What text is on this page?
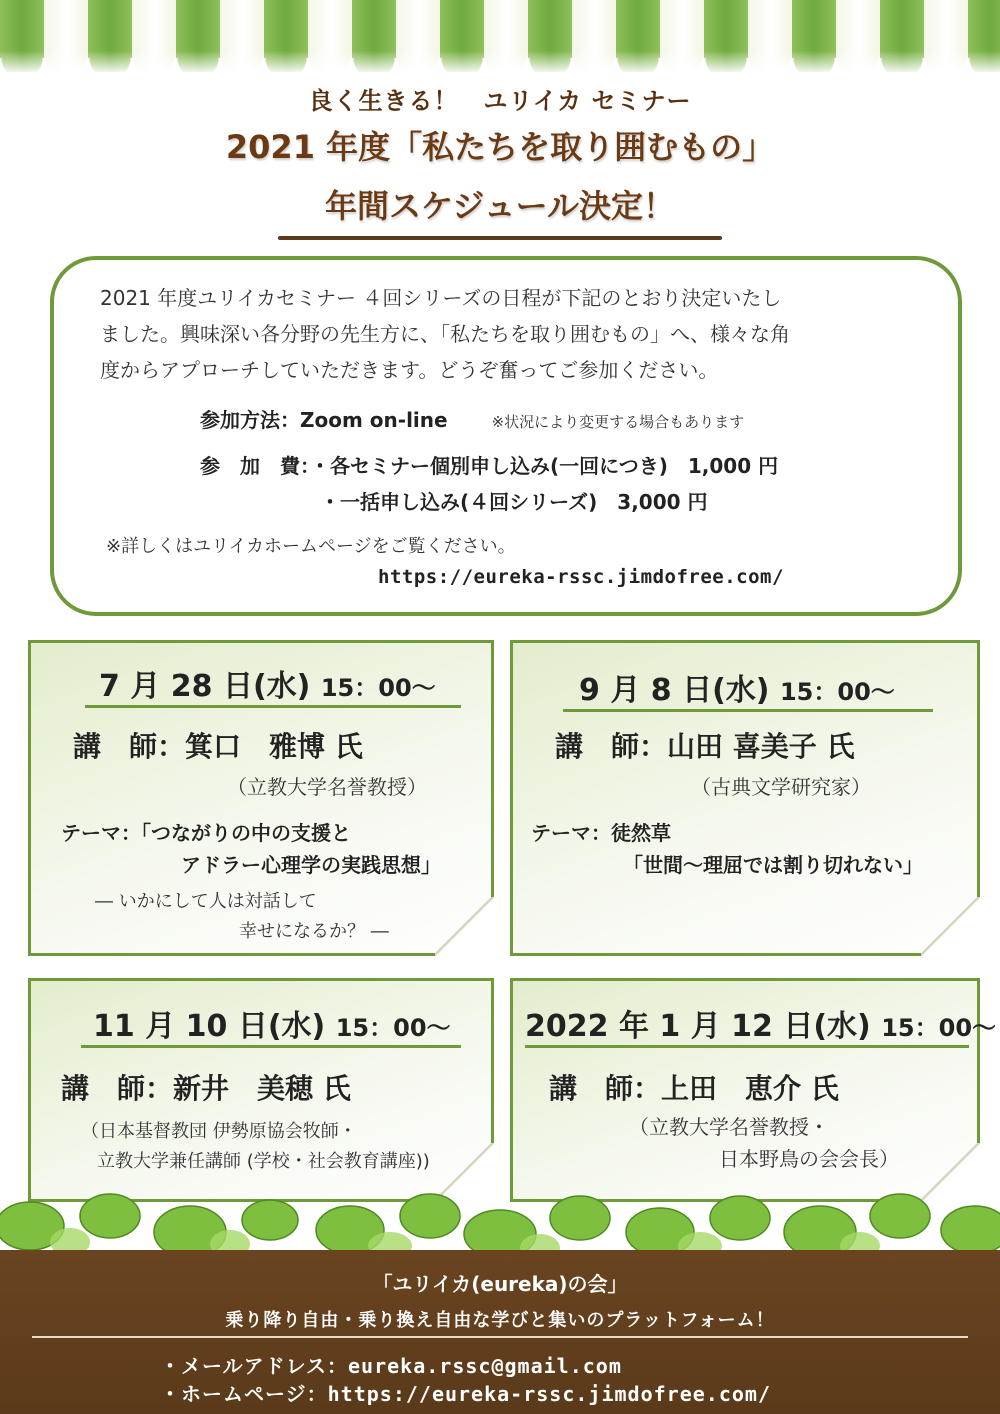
良く生きる！　ユリイカ セミナー
2021 年度「私たちを取り囲むもの」
年間スケジュール決定！
2021 年度ユリイカセミナー ４回シリーズの日程が下記のとおり決定いたし
ました。興味深い各分野の先生方に、「私たちを取り囲むもの」へ、様々な角
度からアプローチしていただきます。どうぞ奮ってご参加ください。
参加方法：Zoom on-line	※状況により変更する場合もあります
参　加　費：・各セミナー個別申し込み(一回につき)　1,000 円
・一括申し込み(４回シリーズ)　3,000 円
※詳しくはユリイカホームページをご覧ください。
https://eureka-rssc.jimdofree.com/
7 月 28 日(水) 15：00～
講　師：箕口　雅博 氏
（立教大学名誉教授）
テーマ：「つながりの中の支援と
アドラー心理学の実践思想」
― いかにして人は対話して
幸せになるか？ ―
9 月 8 日(水) 15：00～
講　師：山田 喜美子 氏
（古典文学研究家）
テーマ：徒然草
「世間～理屈では割り切れない」
11 月 10 日(水) 15：00～
講　師：新井　美穂 氏
（日本基督教団 伊勢原協会牧師・
立教大学兼任講師 (学校・社会教育講座))
2022 年 1 月 12 日(水) 15：00～
講　師：上田　恵介 氏
（立教大学名誉教授・
日本野鳥の会会長）
「ユリイカ(eureka)の会」
乗り降り自由・乗り換え自由な学びと集いのプラットフォーム！
・メールアドレス：eureka.rssc@gmail.com
・ホームページ：https://eureka-rssc.jimdofree.com/
